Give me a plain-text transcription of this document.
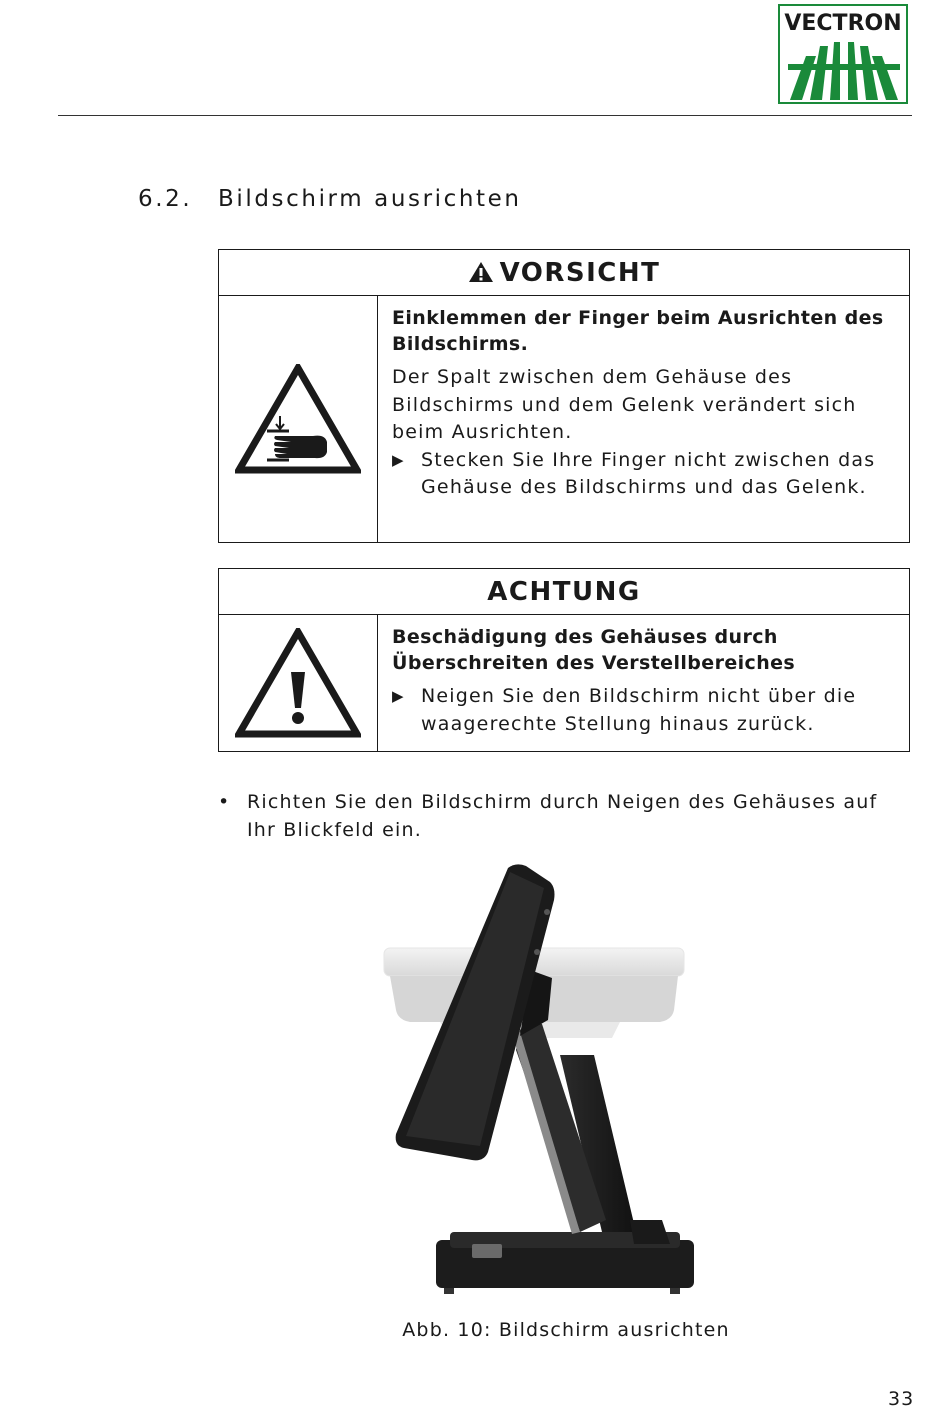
VECTRON
6.2. Bildschirm ausrichten
VORSICHT
Einklemmen der Finger beim Ausrichten des Bildschirms.
Der Spalt zwischen dem Gehäuse des Bildschirms und dem Gelenk verändert sich beim Ausrichten.
▶ Stecken Sie Ihre Finger nicht zwischen das Gehäuse des Bildschirms und das Gelenk.
ACHTUNG
Beschädigung des Gehäuses durch Überschreiten des Verstellbereiches
▶ Neigen Sie den Bildschirm nicht über die waagerechte Stellung hinaus zurück.
• Richten Sie den Bildschirm durch Neigen des Gehäuses auf Ihr Blickfeld ein.
Abb. 10: Bildschirm ausrichten
33
